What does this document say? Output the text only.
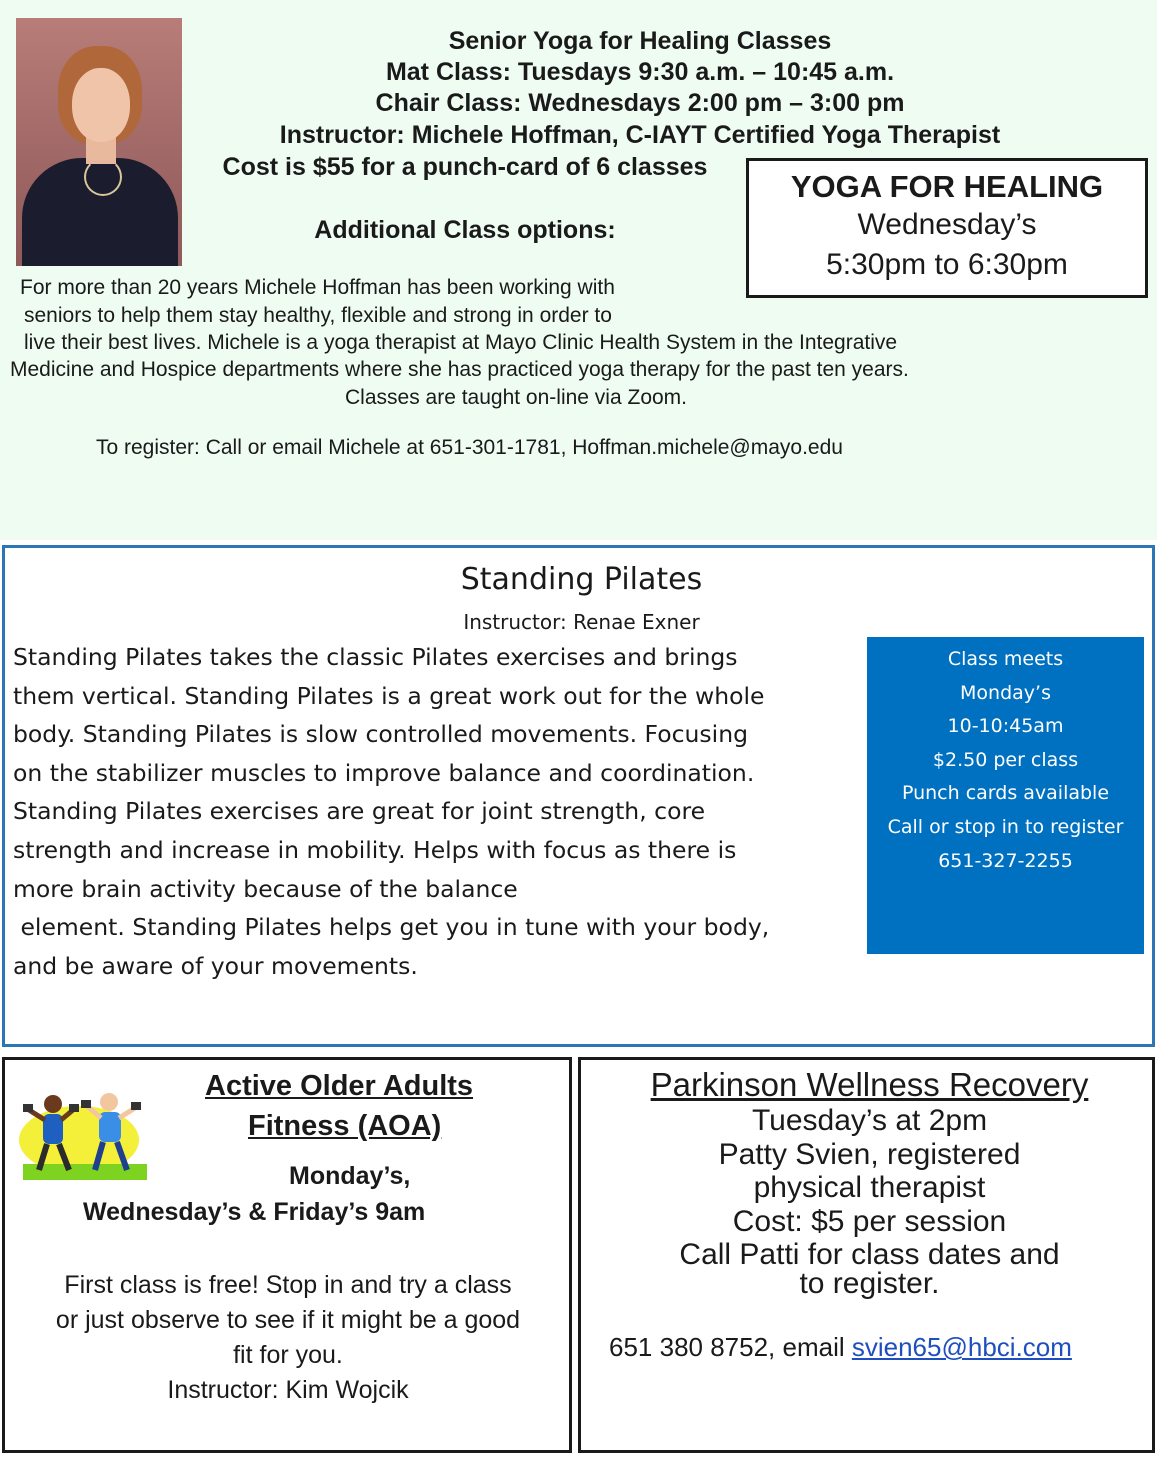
Senior Yoga for Healing Classes
Mat Class: Tuesdays 9:30 a.m. – 10:45 a.m.
Chair Class: Wednesdays 2:00 pm – 3:00 pm
Instructor: Michele Hoffman, C-IAYT Certified Yoga Therapist
Cost is $55 for a punch-card of 6 classes
Additional Class options:
YOGA FOR HEALING
Wednesday’s
5:30pm to 6:30pm
For more than 20 years Michele Hoffman has been working with
seniors to help them stay healthy, flexible and strong in order to
live their best lives. Michele is a yoga therapist at Mayo Clinic Health System in the Integrative
Medicine and Hospice departments where she has practiced yoga therapy for the past ten years.
Classes are taught on-line via Zoom.
To register: Call or email Michele at 651-301-1781, Hoffman.michele@mayo.edu
Standing Pilates
Instructor: Renae Exner
Standing Pilates takes the classic Pilates exercises and brings
them vertical. Standing Pilates is a great work out for the whole
body. Standing Pilates is slow controlled movements. Focusing
on the stabilizer muscles to improve balance and coordination.
Standing Pilates exercises are great for joint strength, core
strength and increase in mobility. Helps with focus as there is
more brain activity because of the balance
element. Standing Pilates helps get you in tune with your body,
and be aware of your movements.
Class meets
Monday’s
10-10:45am
$2.50 per class
Punch cards available
Call or stop in to register
651-327-2255
Active Older Adults
Fitness (AOA)
Monday’s,
Wednesday’s & Friday’s 9am
First class is free! Stop in and try a class
or just observe to see if it might be a good
fit for you.
Instructor: Kim Wojcik
Parkinson Wellness Recovery
Tuesday’s at 2pm
Patty Svien, registered
physical therapist
Cost: $5 per session
Call Patti for class dates and
to register.
651 380 8752, email svien65@hbci.com
